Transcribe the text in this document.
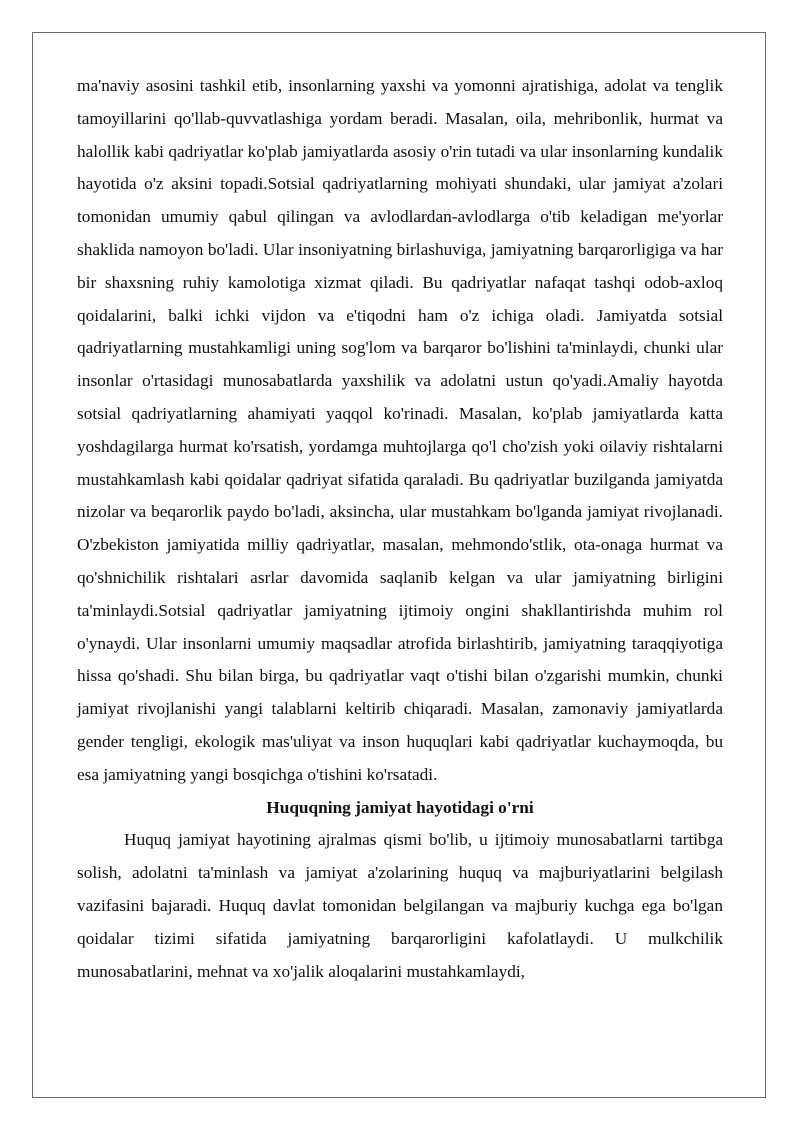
ma'naviy asosini tashkil etib, insonlarning yaxshi va yomonni ajratishiga, adolat va tenglik tamoyillarini qo'llab-quvvatlashiga yordam beradi. Masalan, oila, mehribonlik, hurmat va halollik kabi qadriyatlar ko'plab jamiyatlarda asosiy o'rin tutadi va ular insonlarning kundalik hayotida o'z aksini topadi.Sotsial qadriyatlarning mohiyati shundaki, ular jamiyat a'zolari tomonidan umumiy qabul qilingan va avlodlardan-avlodlarga o'tib keladigan me'yorlar shaklida namoyon bo'ladi. Ular insoniyatning birlashuviga, jamiyatning barqarorligiga va har bir shaxsning ruhiy kamolotiga xizmat qiladi. Bu qadriyatlar nafaqat tashqi odob-axloq qoidalarini, balki ichki vijdon va e'tiqodni ham o'z ichiga oladi. Jamiyatda sotsial qadriyatlarning mustahkamligi uning sog'lom va barqaror bo'lishini ta'minlaydi, chunki ular insonlar o'rtasidagi munosabatlarda yaxshilik va adolatni ustun qo'yadi.Amaliy hayotda sotsial qadriyatlarning ahamiyati yaqqol ko'rinadi. Masalan, ko'plab jamiyatlarda katta yoshdagilarga hurmat ko'rsatish, yordamga muhtojlarga qo'l cho'zish yoki oilaviy rishtalarni mustahkamlash kabi qoidalar qadriyat sifatida qaraladi. Bu qadriyatlar buzilganda jamiyatda nizolar va beqarorlik paydo bo'ladi, aksincha, ular mustahkam bo'lganda jamiyat rivojlanadi. O'zbekiston jamiyatida milliy qadriyatlar, masalan, mehmondo'stlik, ota-onaga hurmat va qo'shnichilik rishtalari asrlar davomida saqlanib kelgan va ular jamiyatning birligini ta'minlaydi.Sotsial qadriyatlar jamiyatning ijtimoiy ongini shakllantirishda muhim rol o'ynaydi. Ular insonlarni umumiy maqsadlar atrofida birlashtirib, jamiyatning taraqqiyotiga hissa qo'shadi. Shu bilan birga, bu qadriyatlar vaqt o'tishi bilan o'zgarishi mumkin, chunki jamiyat rivojlanishi yangi talablarni keltirib chiqaradi. Masalan, zamonaviy jamiyatlarda gender tengligi, ekologik mas'uliyat va inson huquqlari kabi qadriyatlar kuchaymoqda, bu esa jamiyatning yangi bosqichga o'tishini ko'rsatadi.

Huquqning jamiyat hayotidagi o'rni

Huquq jamiyat hayotining ajralmas qismi bo'lib, u ijtimoiy munosabatlarni tartibga solish, adolatni ta'minlash va jamiyat a'zolarining huquq va majburiyatlarini belgilash vazifasini bajaradi. Huquq davlat tomonidan belgilangan va majburiy kuchga ega bo'lgan qoidalar tizimi sifatida jamiyatning barqarorligini kafolatlaydi. U mulkchilik munosabatlarini, mehnat va xo'jalik aloqalarini mustahkamlaydi,
